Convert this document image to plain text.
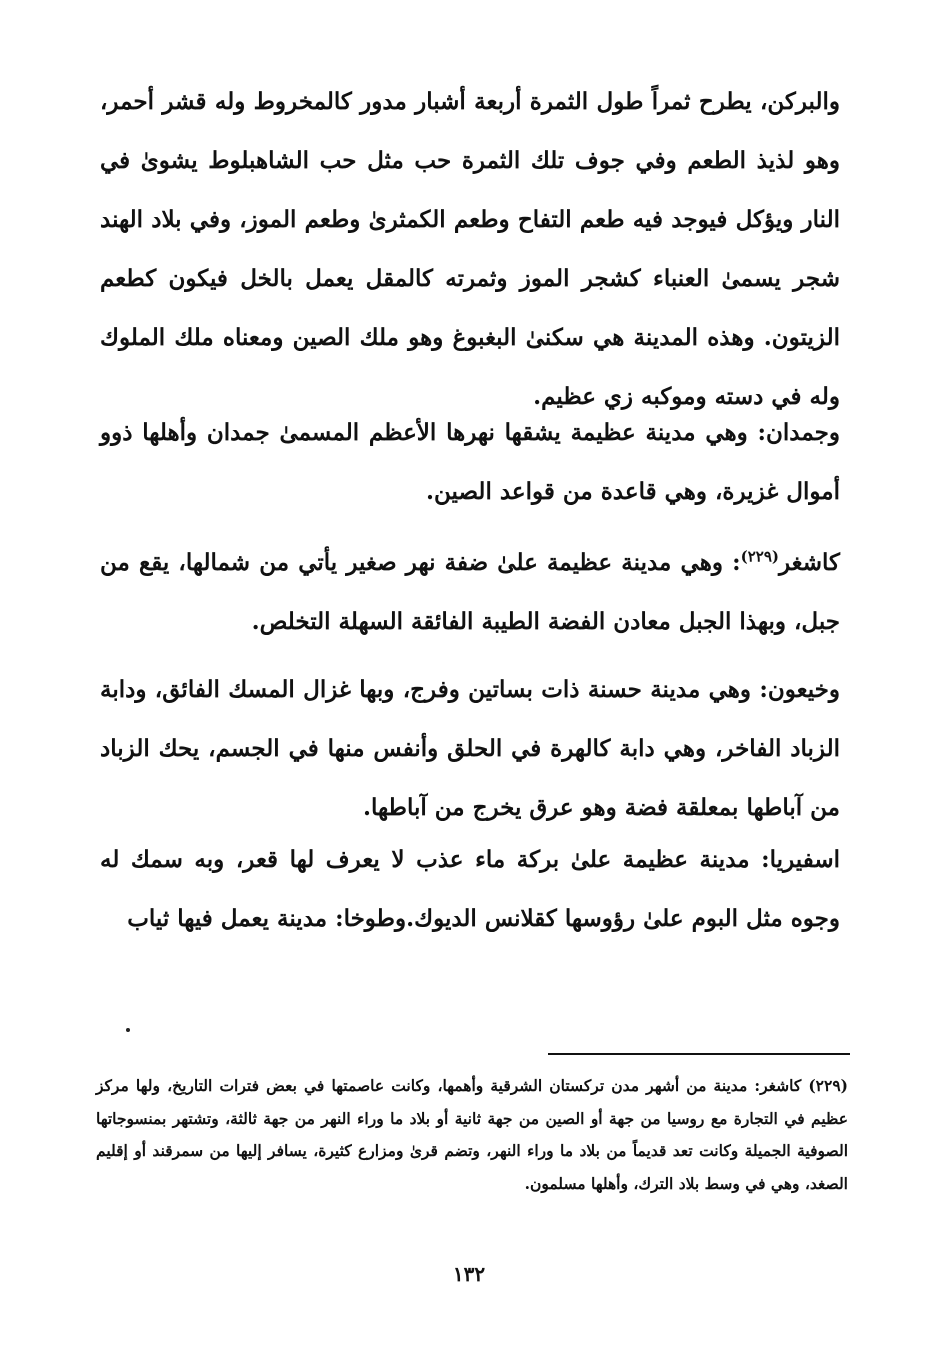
والبركن، يطرح ثمراً طول الثمرة أربعة أشبار مدور كالمخروط وله قشر أحمر، وهو لذيذ الطعم وفي جوف تلك الثمرة حب مثل حب الشاهبلوط يشوىٰ في النار ويؤكل فيوجد فيه طعم التفاح وطعم الكمثرىٰ وطعم الموز، وفي بلاد الهند شجر يسمىٰ العنباء كشجر الموز وثمرته كالمقل يعمل بالخل فيكون كطعم الزيتون. وهذه المدينة هي سكنىٰ البغبوغ وهو ملك الصين ومعناه ملك الملوك وله في دسته وموكبه زي عظيم.
وجمدان: وهي مدينة عظيمة يشقها نهرها الأعظم المسمىٰ جمدان وأهلها ذوو أموال غزيرة، وهي قاعدة من قواعد الصين.
كاشغر$^{(٢٢٩)}$: وهي مدينة عظيمة علىٰ ضفة نهر صغير يأتي من شمالها، يقع من جبل، وبهذا الجبل معادن الفضة الطيبة الفائقة السهلة التخلص.
وخيعون: وهي مدينة حسنة ذات بساتين وفرج، وبها غزال المسك الفائق، ودابة الزباد الفاخر، وهي دابة كالهرة في الحلق وأنفس منها في الجسم، يحك الزباد من آباطها بمعلقة فضة وهو عرق يخرج من آباطها.
اسفيريا: مدينة عظيمة علىٰ بركة ماء عذب لا يعرف لها قعر، وبه سمك له وجوه مثل البوم علىٰ رؤوسها كقلانس الديوك.وطوخا: مدينة يعمل فيها ثياب
(٢٢٩) كاشغر: مدينة من أشهر مدن تركستان الشرقية وأهمها، وكانت عاصمتها في بعض فترات التاريخ، ولها مركز عظيم في التجارة مع روسيا من جهة أو الصين من جهة ثانية أو بلاد ما وراء النهر من جهة ثالثة، وتشتهر بمنسوجاتها الصوفية الجميلة وكانت تعد قديماً من بلاد ما وراء النهر، وتضم قرىٰ ومزارع كثيرة، يسافر إليها من سمرقند أو إقليم الصغد، وهي في وسط بلاد الترك، وأهلها مسلمون.
١٣٢
